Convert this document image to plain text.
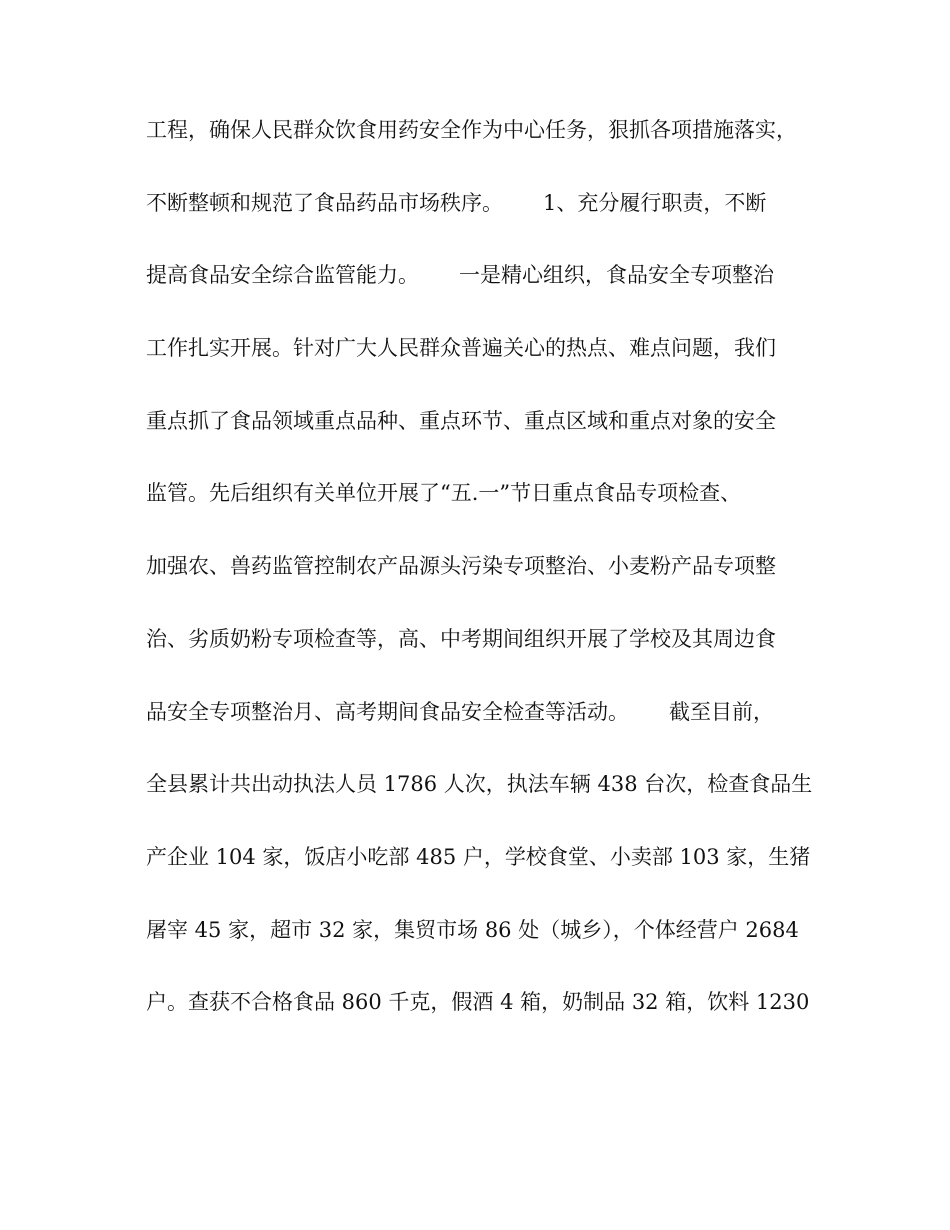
工程，确保人民群众饮食用药安全作为中心任务，狠抓各项措施落实，
不断整顿和规范了食品药品市场秩序。      1、充分履行职责，不断
提高食品安全综合监管能力。      一是精心组织，食品安全专项整治
工作扎实开展。针对广大人民群众普遍关心的热点、难点问题，我们
重点抓了食品领域重点品种、重点环节、重点区域和重点对象的安全
监管。先后组织有关单位开展了“五.一”节日重点食品专项检查、
加强农、兽药监管控制农产品源头污染专项整治、小麦粉产品专项整
治、劣质奶粉专项检查等，高、中考期间组织开展了学校及其周边食
品安全专项整治月、高考期间食品安全检查等活动。      截至目前，
全县累计共出动执法人员 1786 人次，执法车辆 438 台次，检查食品生
产企业 104 家，饭店小吃部 485 户，学校食堂、小卖部 103 家，生猪
屠宰 45 家，超市 32 家，集贸市场 86 处（城乡），个体经营户 2684
户。查获不合格食品 860 千克，假酒 4 箱，奶制品 32 箱，饮料 1230
